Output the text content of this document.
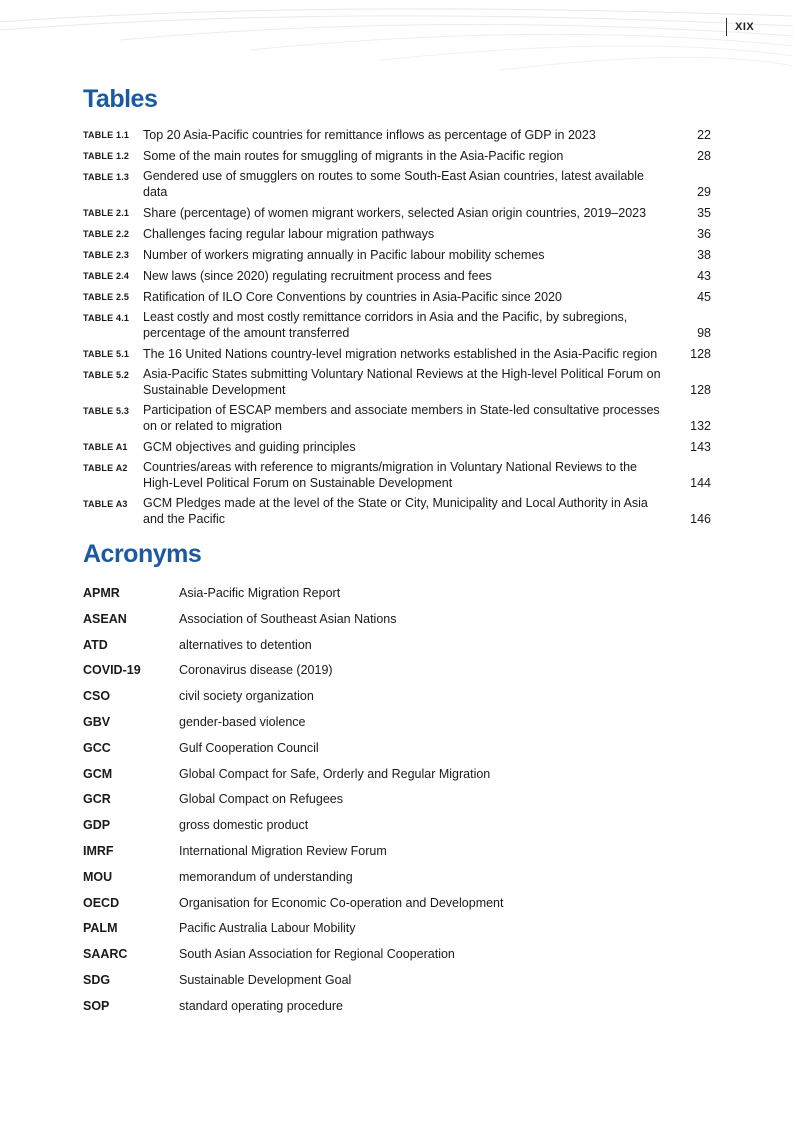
XIX
Tables
TABLE 1.1	Top 20 Asia-Pacific countries for remittance inflows as percentage of GDP in 2023	22
TABLE 1.2	Some of the main routes for smuggling of migrants in the Asia-Pacific region	28
TABLE 1.3	Gendered use of smugglers on routes to some South-East Asian countries, latest available data	29
TABLE 2.1	Share (percentage) of women migrant workers, selected Asian origin countries, 2019–2023	35
TABLE 2.2	Challenges facing regular labour migration pathways	36
TABLE 2.3	Number of workers migrating annually in Pacific labour mobility schemes	38
TABLE 2.4	New laws (since 2020) regulating recruitment process and fees	43
TABLE 2.5	Ratification of ILO Core Conventions by countries in Asia-Pacific since 2020	45
TABLE 4.1	Least costly and most costly remittance corridors in Asia and the Pacific, by subregions, percentage of the amount transferred	98
TABLE 5.1	The 16 United Nations country-level migration networks established in the Asia-Pacific region	128
TABLE 5.2	Asia-Pacific States submitting Voluntary National Reviews at the High-level Political Forum on Sustainable Development	128
TABLE 5.3	Participation of ESCAP members and associate members in State-led consultative processes on or related to migration	132
TABLE A1	GCM objectives and guiding principles	143
TABLE A2	Countries/areas with reference to migrants/migration in Voluntary National Reviews to the High-Level Political Forum on Sustainable Development	144
TABLE A3	GCM Pledges made at the level of the State or City, Municipality and Local Authority in Asia and the Pacific	146
Acronyms
APMR	Asia-Pacific Migration Report
ASEAN	Association of Southeast Asian Nations
ATD	alternatives to detention
COVID-19	Coronavirus disease (2019)
CSO	civil society organization
GBV	gender-based violence
GCC	Gulf Cooperation Council
GCM	Global Compact for Safe, Orderly and Regular Migration
GCR	Global Compact on Refugees
GDP	gross domestic product
IMRF	International Migration Review Forum
MOU	memorandum of understanding
OECD	Organisation for Economic Co-operation and Development
PALM	Pacific Australia Labour Mobility
SAARC	South Asian Association for Regional Cooperation
SDG	Sustainable Development Goal
SOP	standard operating procedure
